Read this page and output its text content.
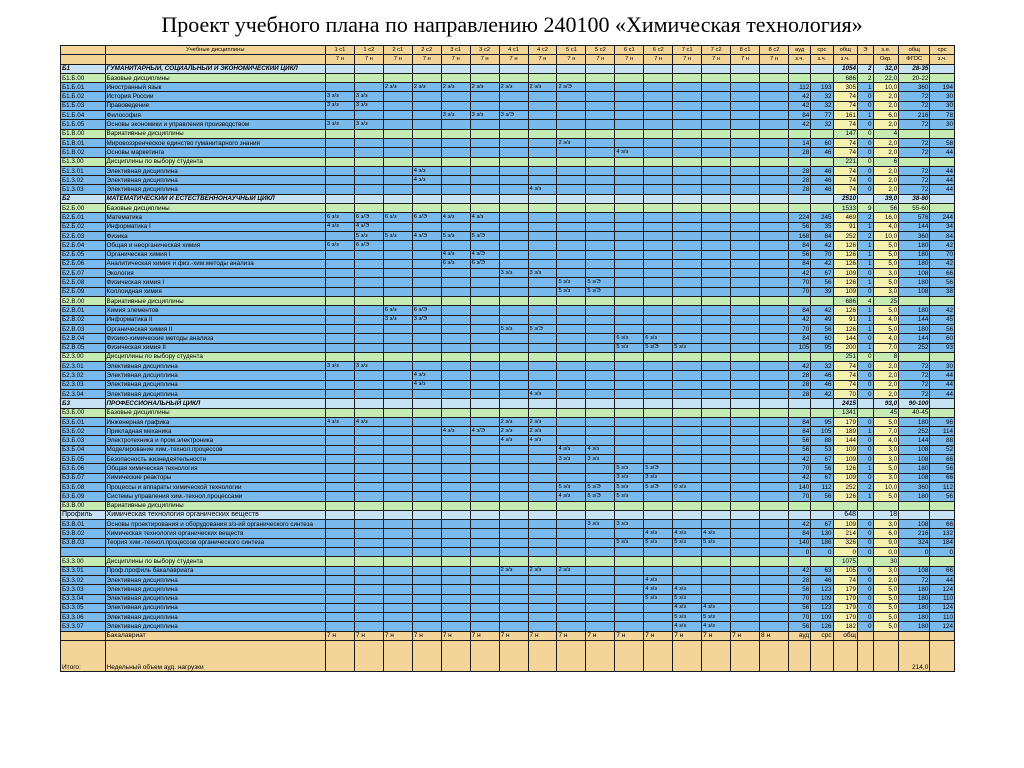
Проект учебного плана по направлению 240100 «Химическая технология»
	Учебные дисциплины	1 с1	1 с2	2 с1	2 с2	3 с1	3 с2	4 с1	4 с2	5 с1	5 с2	6 с1	6 с2	7 с1	7 с2	8 с1	8 с2	ауд	срс	общ	Э	з.е.	общ	срс
		7 н	7 н	7 н	7 н	7 н	7 н	7 н	7 н	7 н	7 н	7 н	7 н	7 н	7 н	7 н	7 н	з.ч.	з.ч.	з.ч.		Окр.	ФГОС	з.ч.
Б1	ГУМАНИТАРНЫЙ, СОЦИАЛЬНЫЙ И ЭКОНОМИЧЕСКИЙ ЦИКЛ																			1054	2	32,0	28-35	
Б1.Б.00	Базовые дисциплины																			686	2	22,0	20-22	
Б1.Б.01	Иностранный язык			2 з/з	2 з/з	2 з/з	2 з/з	2 з/з	2 з/з	2 з/Э								112	193	305	1	10,0	360	194
Б1.Б.02	История России	3 з/з	3 з/з															42	32	74	0	2,0	72	30
Б1.Б.03	Правоведение	3 з/з	3 з/з															42	32	74	0	2,0	72	30
Б1.Б.04	Философия					3 з/з	3 з/з	3 з/Э										84	77	161	1	6,0	216	78
Б1.Б.05	Основы экономики и управления производством	3 з/з	3 з/з															42	32	74	0	2,0	72	30
Б1.В.00	Вариативные дисциплины																			147	0	4		
Б1.В.01	Мировоззренческое единство гуманитарного знания									2 з/з								14	60	74	0	2,0	72	58
Б1.В.02	Основы маркетинга											4 з/з						28	46	74	0	2,0	72	44
Б1.3.00	Дисциплины по выбору студента																			221	0	6		
Б1.3.01	Элективная дисциплина				4 з/з													28	46	74	0	2,0	72	44
Б1.3.02	Элективная дисциплина				4 з/з													28	46	74	0	2,0	72	44
Б1.3.03	Элективная дисциплина								4 з/з									28	46	74	0	2,0	72	44
Б2	МАТЕМАТИЧЕСКИЙ И ЕСТЕСТВЕННОНАУЧНЫЙ ЦИКЛ																			2510		39,0	38-80	
Б2.Б.00	Базовые дисциплины																			1533	9	56	55-60	
Б2.Б.01	Математика	6 з/з	6 з/Э	6 з/з	6 з/Э	4 з/з	4 з/з											224	245	469	2	16,0	576	244
Б2.Б.02	Информатика I	4 з/з	4 з/Э															56	35	91	1	4,0	144	34
Б2.Б.03	Физика		5 з/з	5 з/з	4 з/Э	5 з/з	5 з/Э											168	84	252	2	10,0	360	84
Б2.Б.04	Общая и неорганическая химия	6 з/з	6 з/Э															84	42	126	1	5,0	180	42
Б2.Б.05	Органическая химия I					4 з/з	4 з/Э											56	70	126	1	5,0	180	70
Б2.Б.06	Аналитическая химия и физ.-хим.методы анализа					6 з/з	6 з/Э											84	42	126	1	5,0	180	42
Б2.Б.07	Экология							3 з/з	3 з/з									42	67	109	0	3,0	108	66
Б2.Б.08	Физическая химия I									5 з/з	5 з/Э							70	56	126	1	5,0	180	56
Б2.Б.09	Коллоидная химия									5 з/з	5 з/Э							70	39	109	0	3,0	108	38
Б2.В.00	Вариативные дисциплины																			686	4	25		
Б2.В.01	Химия элементов			6 з/з	6 з/Э													84	42	126	1	5,0	180	42
Б2.В.02	Информатика II			3 з/з	3 з/Э													42	49	91	1	4,0	144	45
Б2.В.03	Органическая химия II							5 з/з	5 з/Э									70	56	126	1	5,0	180	56
Б2.В.04	Физико-химические методы анализа											6 з/з	6 з/з					84	60	144	0	4,0	144	60
Б2.В.05	Физическая химия II											5 з/з	5 з/Э	5 з/з				105	95	200	1	7,0	252	93
Б2.3.00	Дисциплины по выбору студента																			251	0	8		
Б2.3.01	Элективная дисциплина	3 з/з	3 з/з															42	32	74	0	2,0	72	30
Б2.3.02	Элективная дисциплина				4 з/з													28	46	74	0	2,0	72	44
Б2.3.03	Элективная дисциплина				4 з/з													28	46	74	0	2,0	72	44
Б2.3.04	Элективная дисциплина								4 з/з									28	42	70	0	2,0	72	44
Б3	ПРОФЕССИОНАЛЬНЫЙ ЦИКЛ																			2415		93,0	90-100	
Б3.Б.00	Базовые дисциплины																			1341		45	40-45	
Б3.Б.01	Инженерная графика	4 з/з	4 з/з					2 з/з	2 з/з									84	95	179	0	5,0	180	96
Б3.Б.02	Прикладная механика					4 з/з	4 з/Э	2 з/з	2 з/з									84	105	189	1	7,0	252	114
Б3.Б.03	Электротехника и пром.электроника							4 з/з	4 з/з									56	88	144	0	4,0	144	88
Б3.Б.04	Моделирование хим.-технол.процессов									4 з/з	4 з/з							56	53	109	0	3,0	108	52
Б3.Б.05	Безопасность жизнедеятельности									3 з/з	3 з/з							42	67	109	0	3,0	108	66
Б3.Б.06	Общая химическая технология											5 з/з	5 з/Э					70	56	126	1	5,0	180	56
Б3.Б.07	Химические реакторы											3 з/з	3 з/з					42	67	109	0	3,0	108	66
Б3.Б.08	Процессы и аппараты химической технологии									5 з/з	5 з/Э	5 з/з	5 з/Э	0 з/з				140	112	252	2	10,0	360	112
Б3.Б.09	Системы управления хим.-технол.процессами									4 з/з	5 з/Э	5 з/з						70	56	126	1	5,0	180	56
Б3.В.00	Вариативные дисциплины																							
Профиль	Химическая технология органических веществ																			648		18		
Б3.В.01	Основы проектирования и оборудования з/з-ий органического синтеза										3 з/з	3 з/з						42	67	109	0	3,0	108	66
Б3.В.02	Химическая технология органических веществ												4 з/з	4 з/з	4 з/з			84	130	214	0	6,0	216	132
Б3.В.03	Теория хим.-технол.процессов органического синтеза											5 з/з	5 з/з	5 з/з	5 з/з			140	186	326	0	9,0	324	184
																		0	0	0	0	0,0	0	0
Б3.3.00	Дисциплины по выбору студента																			1075		30		
Б3.3.01	Проф.профиль бакалавриата							2 з/з	2 з/з	2 з/з								42	63	105	0	3,0	108	66
Б3.3.02	Элективная дисциплина												4 з/з					28	46	74	0	2,0	72	44
Б3.3.03	Элективная дисциплина												4 з/з	4 з/з				56	123	179	0	5,0	180	124
Б3.3.04	Элективная дисциплина												5 з/з	5 з/з				70	109	179	0	5,0	180	110
Б3.3.05	Элективная дисциплина													4 з/з	4 з/з			56	123	179	0	5,0	180	124
Б3.3.06	Элективная дисциплина													5 з/з	5 з/з			70	109	179	0	5,0	180	110
Б3.3.07	Элективная дисциплина													4 з/з	4 з/з			56	126	182	0	5,0	180	124
	Бакалавриат	7 н	7 н	7 н	7 н	7 н	7 н	7 н	7 н	7 н	7 н	7 н	7 н	7 н	7 н	7 н	8 н	ауд	срс	общ				
Итого:	Недельный объем ауд. нагрузки																						214,0	
